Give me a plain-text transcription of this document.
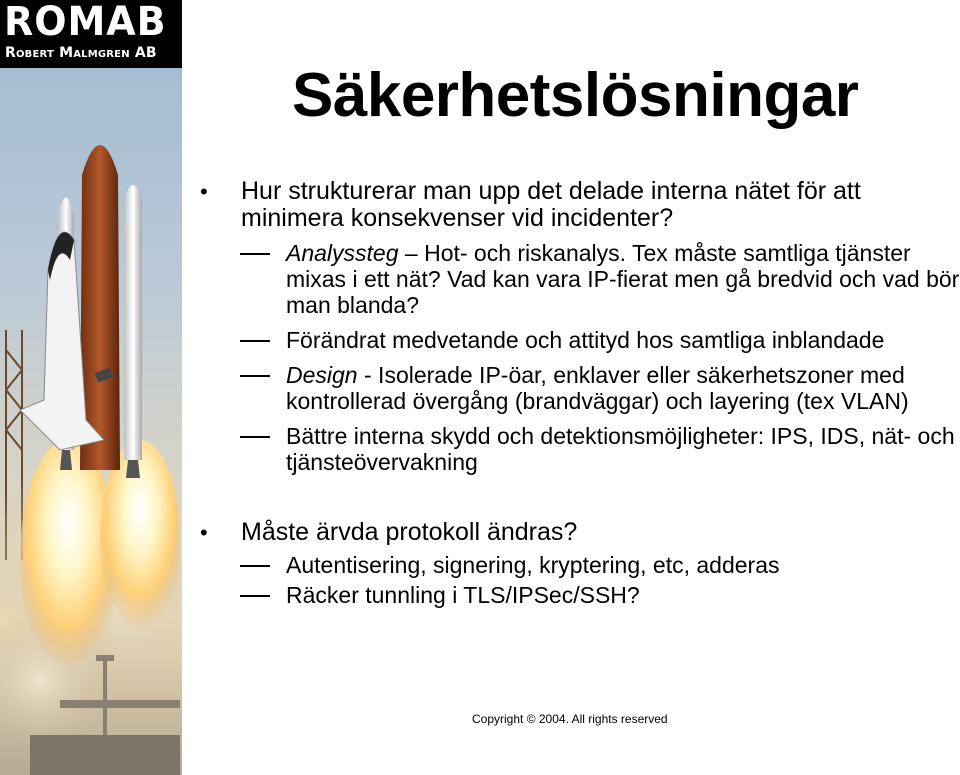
ROMAB
Robert Malmgren AB
Säkerhetslösningar
• Hur strukturerar man upp det delade interna nätet för att minimera konsekvenser vid incidenter?
Analyssteg – Hot- och riskanalys. Tex måste samtliga tjänster mixas i ett nät? Vad kan vara IP-fierat men gå bredvid och vad bör man blanda?
Förändrat medvetande och attityd hos samtliga inblandade
Design - Isolerade IP-öar, enklaver eller säkerhetszoner med kontrollerad övergång (brandväggar) och layering (tex VLAN)
Bättre interna skydd och detektionsmöjligheter: IPS, IDS, nät- och tjänsteövervakning
• Måste ärvda protokoll ändras?
Autentisering, signering, kryptering, etc, adderas
Räcker tunnling i TLS/IPSec/SSH?
Copyright © 2004. All rights reserved
